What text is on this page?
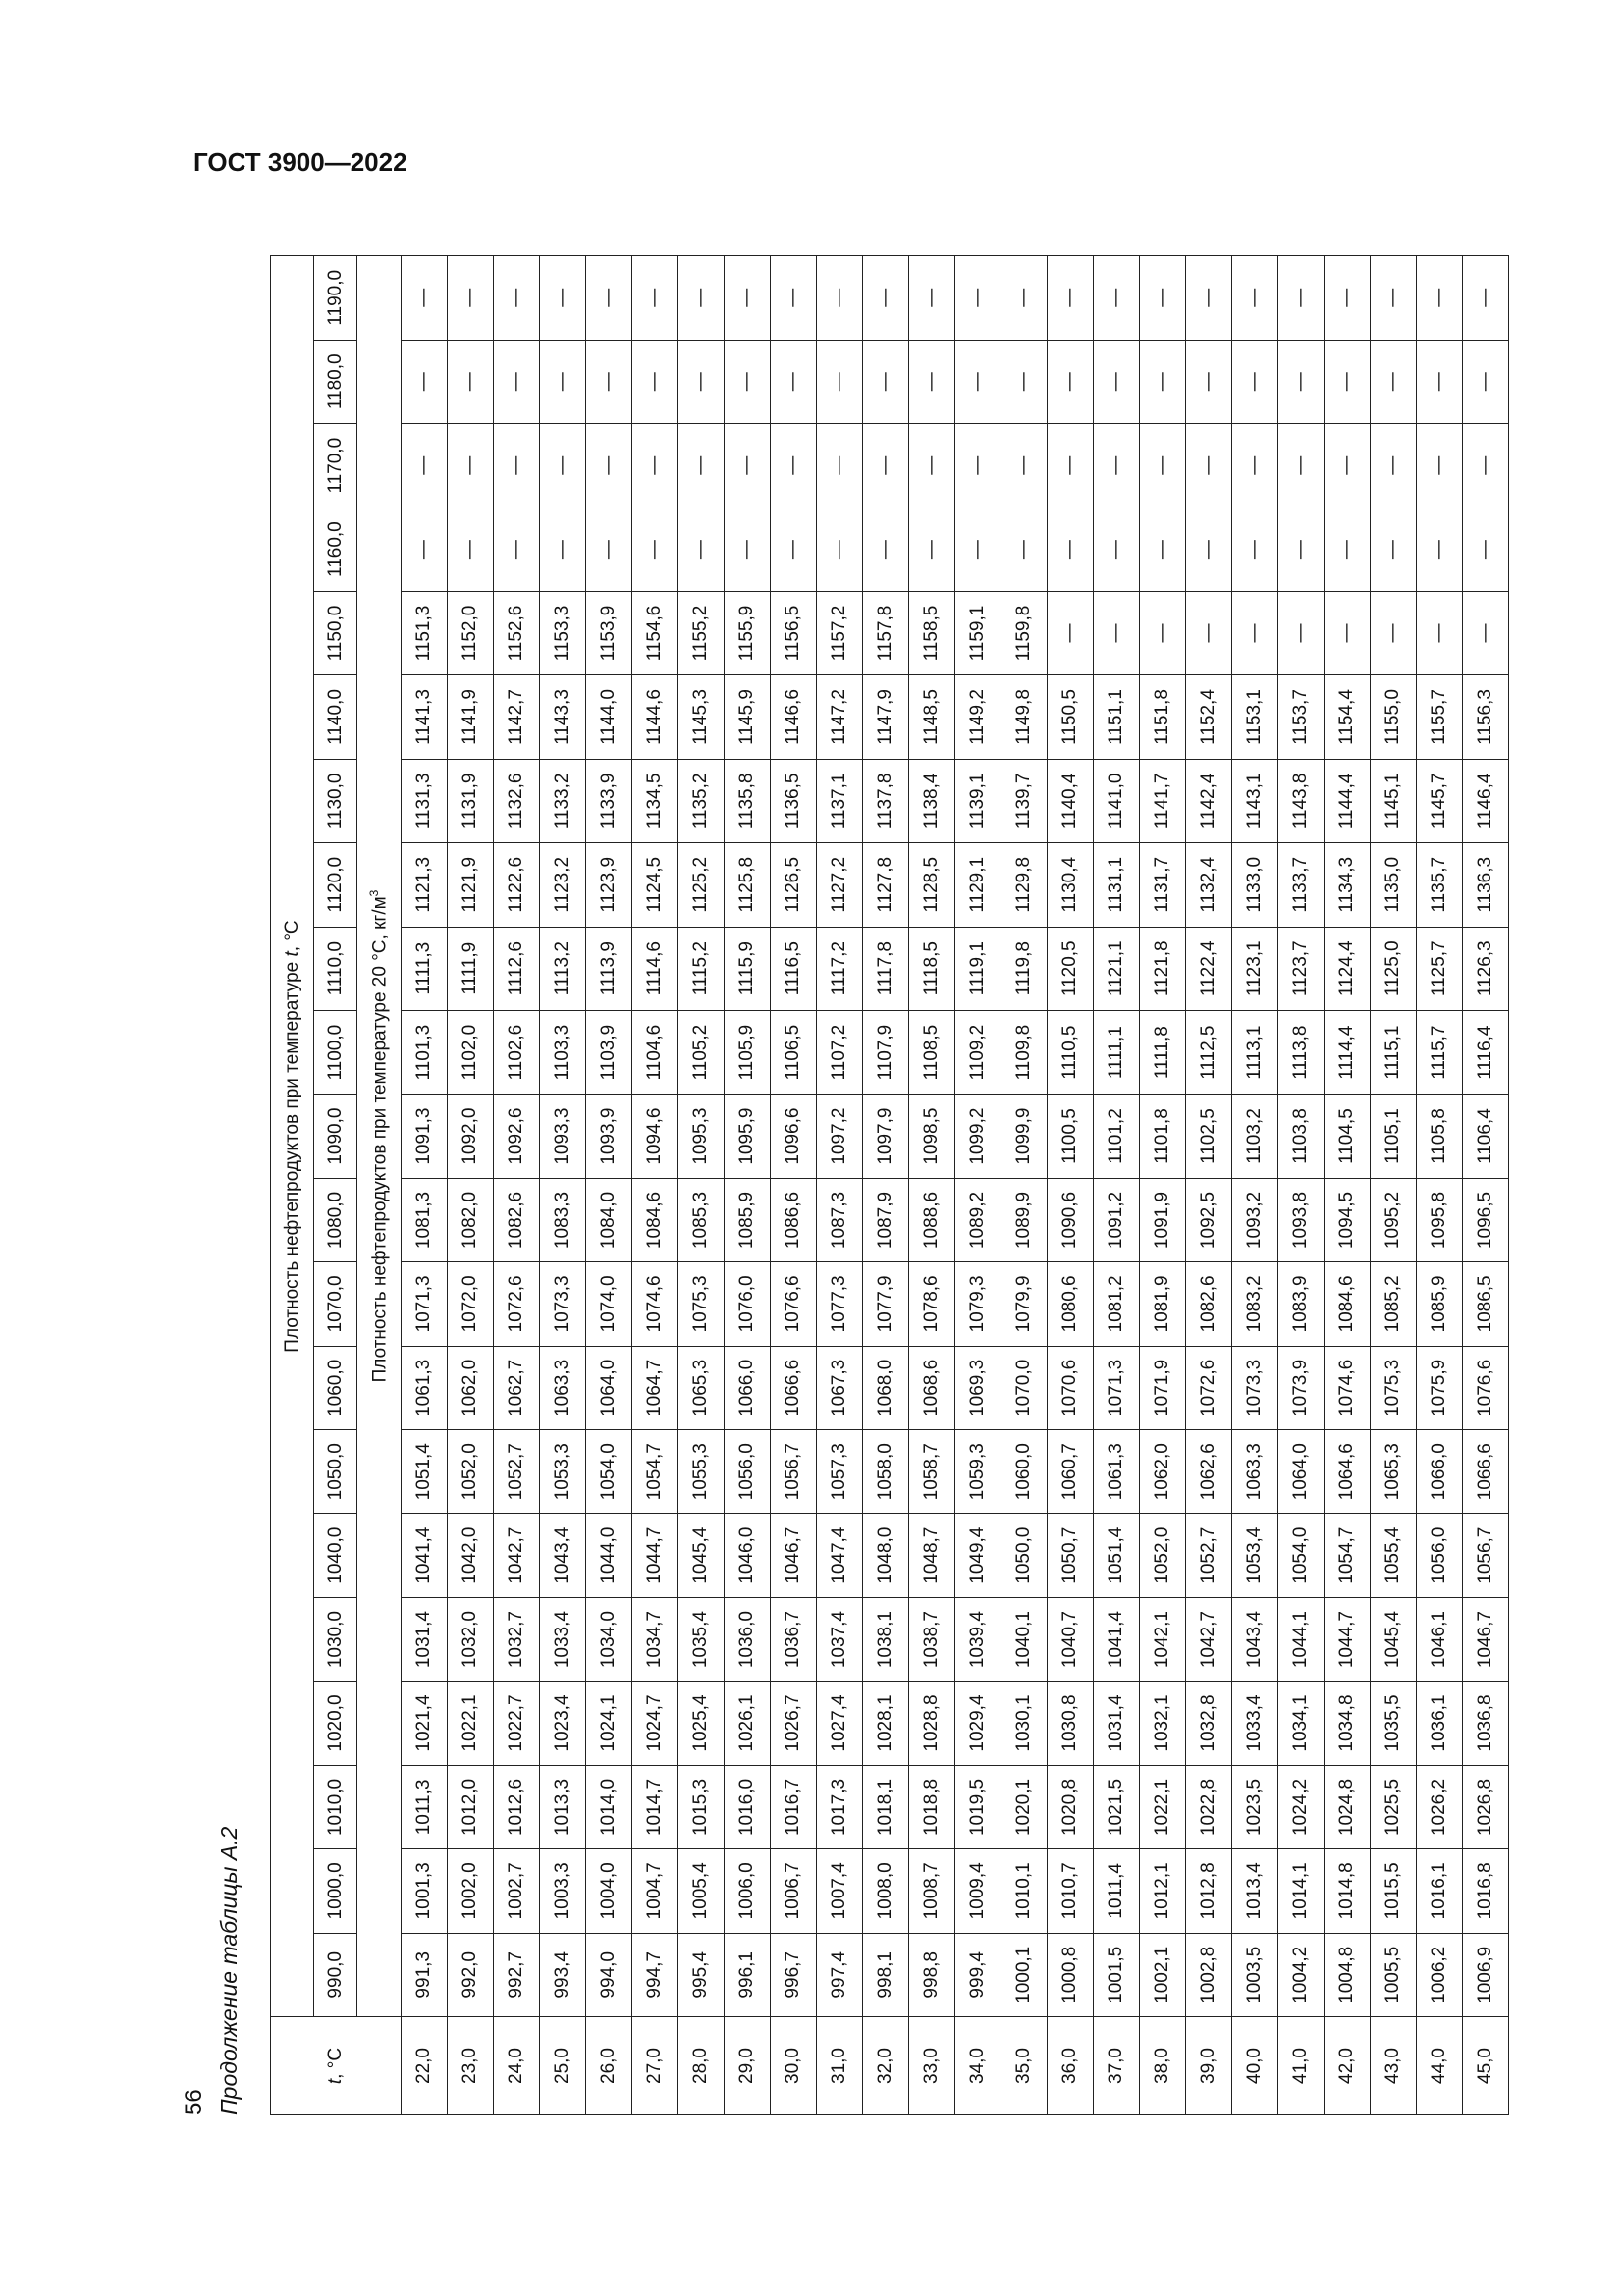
ГОСТ 3900—2022
56 Продолжение таблицы А.2	t, °С	Плотность нефтепродуктов при температуре t, °С																				
	990,0	1000,0	1010,0	1020,0	1030,0	1040,0	1050,0	1060,0	1070,0	1080,0	1090,0	1100,0	1110,0	1120,0	1130,0	1140,0	1150,0	1160,0	1170,0	1180,0	1190,0
	Плотность нефтепродуктов при температуре 20 °С, $кг/м^3$
22,0	991,3	1001,3	1011,3	1021,4	1031,4	1041,4	1051,4	1061,3	1071,3	1081,3	1091,3	1101,3	1111,3	1121,3	1131,3	1141,3	1151,3	—	—	—	—
23,0	992,0	1002,0	1012,0	1022,1	1032,0	1042,0	1052,0	1062,0	1072,0	1082,0	1092,0	1102,0	1111,9	1121,9	1131,9	1141,9	1152,0	—	—	—	—
24,0	992,7	1002,7	1012,6	1022,7	1032,7	1042,7	1052,7	1062,7	1072,6	1082,6	1092,6	1102,6	1112,6	1122,6	1132,6	1142,7	1152,6	—	—	—	—
25,0	993,4	1003,3	1013,3	1023,4	1033,4	1043,4	1053,3	1063,3	1073,3	1083,3	1093,3	1103,3	1113,2	1123,2	1133,2	1143,3	1153,3	—	—	—	—
26,0	994,0	1004,0	1014,0	1024,1	1034,0	1044,0	1054,0	1064,0	1074,0	1084,0	1093,9	1103,9	1113,9	1123,9	1133,9	1144,0	1153,9	—	—	—	—
27,0	994,7	1004,7	1014,7	1024,7	1034,7	1044,7	1054,7	1064,7	1074,6	1084,6	1094,6	1104,6	1114,6	1124,5	1134,5	1144,6	1154,6	—	—	—	—
28,0	995,4	1005,4	1015,3	1025,4	1035,4	1045,4	1055,3	1065,3	1075,3	1085,3	1095,3	1105,2	1115,2	1125,2	1135,2	1145,3	1155,2	—	—	—	—
29,0	996,1	1006,0	1016,0	1026,1	1036,0	1046,0	1056,0	1066,0	1076,0	1085,9	1095,9	1105,9	1115,9	1125,8	1135,8	1145,9	1155,9	—	—	—	—
30,0	996,7	1006,7	1016,7	1026,7	1036,7	1046,7	1056,7	1066,6	1076,6	1086,6	1096,6	1106,5	1116,5	1126,5	1136,5	1146,6	1156,5	—	—	—	—
31,0	997,4	1007,4	1017,3	1027,4	1037,4	1047,4	1057,3	1067,3	1077,3	1087,3	1097,2	1107,2	1117,2	1127,2	1137,1	1147,2	1157,2	—	—	—	—
32,0	998,1	1008,0	1018,1	1028,1	1038,1	1048,0	1058,0	1068,0	1077,9	1087,9	1097,9	1107,9	1117,8	1127,8	1137,8	1147,9	1157,8	—	—	—	—
33,0	998,8	1008,7	1018,8	1028,8	1038,7	1048,7	1058,7	1068,6	1078,6	1088,6	1098,5	1108,5	1118,5	1128,5	1138,4	1148,5	1158,5	—	—	—	—
34,0	999,4	1009,4	1019,5	1029,4	1039,4	1049,4	1059,3	1069,3	1079,3	1089,2	1099,2	1109,2	1119,1	1129,1	1139,1	1149,2	1159,1	—	—	—	—
35,0	1000,1	1010,1	1020,1	1030,1	1040,1	1050,0	1060,0	1070,0	1079,9	1089,9	1099,9	1109,8	1119,8	1129,8	1139,7	1149,8	1159,8	—	—	—	—
36,0	1000,8	1010,7	1020,8	1030,8	1040,7	1050,7	1060,7	1070,6	1080,6	1090,6	1100,5	1110,5	1120,5	1130,4	1140,4	1150,5	—	—	—	—	—
37,0	1001,5	1011,4	1021,5	1031,4	1041,4	1051,4	1061,3	1071,3	1081,2	1091,2	1101,2	1111,1	1121,1	1131,1	1141,0	1151,1	—	—	—	—	—
38,0	1002,1	1012,1	1022,1	1032,1	1042,1	1052,0	1062,0	1071,9	1081,9	1091,9	1101,8	1111,8	1121,8	1131,7	1141,7	1151,8	—	—	—	—	—
39,0	1002,8	1012,8	1022,8	1032,8	1042,7	1052,7	1062,6	1072,6	1082,6	1092,5	1102,5	1112,5	1122,4	1132,4	1142,4	1152,4	—	—	—	—	—
40,0	1003,5	1013,4	1023,5	1033,4	1043,4	1053,4	1063,3	1073,3	1083,2	1093,2	1103,2	1113,1	1123,1	1133,0	1143,1	1153,1	—	—	—	—	—
41,0	1004,2	1014,1	1024,2	1034,1	1044,1	1054,0	1064,0	1073,9	1083,9	1093,8	1103,8	1113,8	1123,7	1133,7	1143,8	1153,7	—	—	—	—	—
42,0	1004,8	1014,8	1024,8	1034,8	1044,7	1054,7	1064,6	1074,6	1084,6	1094,5	1104,5	1114,4	1124,4	1134,3	1144,4	1154,4	—	—	—	—	—
43,0	1005,5	1015,5	1025,5	1035,5	1045,4	1055,4	1065,3	1075,3	1085,2	1095,2	1105,1	1115,1	1125,0	1135,0	1145,1	1155,0	—	—	—	—	—
44,0	1006,2	1016,1	1026,2	1036,1	1046,1	1056,0	1066,0	1075,9	1085,9	1095,8	1105,8	1115,7	1125,7	1135,7	1145,7	1155,7	—	—	—	—	—
45,0	1006,9	1016,8	1026,8	1036,8	1046,7	1056,7	1066,6	1076,6	1086,5	1096,5	1106,4	1116,4	1126,3	1136,3	1146,4	1156,3	—	—	—	—	—
